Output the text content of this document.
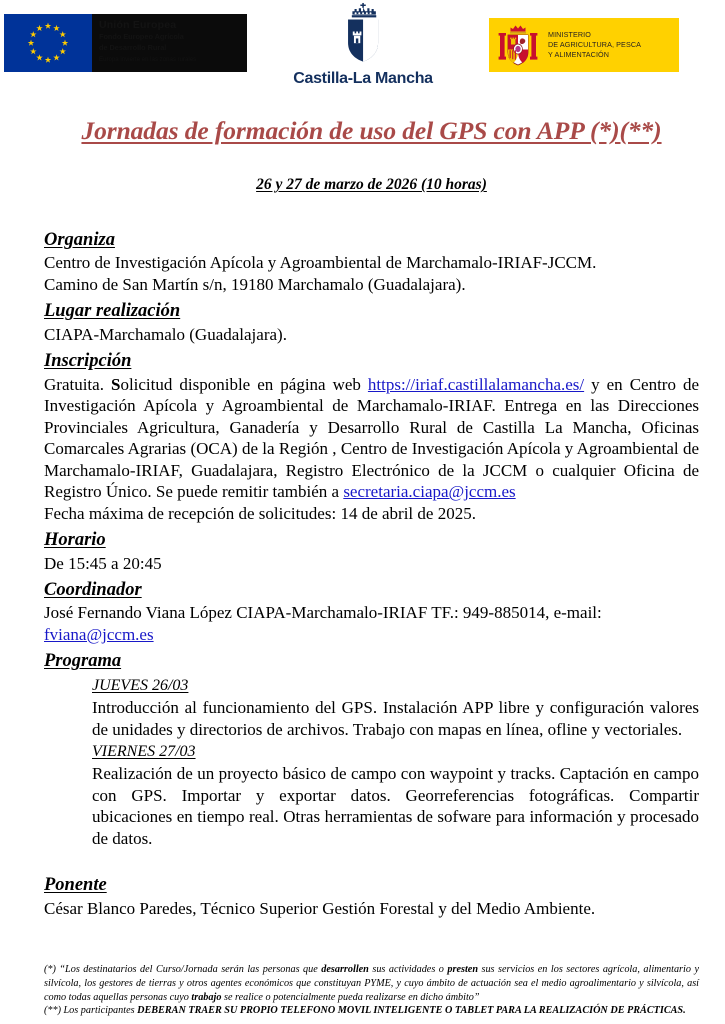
Unión Europea
Fondo Europeo Agrícola
de Desarrollo Rural
Europa invierte en las zonas rurales
Castilla-La Mancha
MINISTERIO
DE AGRICULTURA, PESCA
Y ALIMENTACIÓN
Jornadas de formación de uso del GPS con APP (*)(**)
26 y 27 de marzo de 2026 (10 horas)
Organiza

Centro de Investigación Apícola y Agroambiental de Marchamalo-IRIAF-JCCM.

Camino de San Martín s/n, 19180 Marchamalo (Guadalajara).

Lugar realización

CIAPA-Marchamalo (Guadalajara).

Inscripción

Gratuita. Solicitud disponible en página web https://iriaf.castillalamancha.es/ y en Centro de Investigación Apícola y Agroambiental de Marchamalo-IRIAF. Entrega en las Direcciones Provinciales Agricultura, Ganadería y Desarrollo Rural de Castilla La Mancha, Oficinas Comarcales Agrarias (OCA) de la Región , Centro de Investigación Apícola y Agroambiental de Marchamalo-IRIAF, Guadalajara, Registro Electrónico de la JCCM o cualquier Oficina de Registro Único. Se puede remitir también a secretaria.ciapa@jccm.es

Fecha máxima de recepción de solicitudes: 14 de abril de 2025.

Horario

De 15:45 a 20:45

Coordinador

José Fernando Viana López CIAPA-Marchamalo-IRIAF TF.: 949-885014, e-mail:

fviana@jccm.es

Programa

JUEVES 26/03

Introducción al funcionamiento del GPS. Instalación APP libre y configuración valores de unidades y directorios de archivos. Trabajo con mapas en línea, ofline y vectoriales.

VIERNES 27/03

Realización de un proyecto básico de campo con waypoint y tracks. Captación en campo con GPS. Importar y exportar datos. Georreferencias fotográficas. Compartir ubicaciones en tiempo real. Otras herramientas de sofware para información y procesado de datos.

Ponente

César Blanco Paredes, Técnico Superior Gestión Forestal y del Medio Ambiente.

(*) “Los destinatarios del Curso/Jornada serán las personas que desarrollen sus actividades o presten sus servicios en los sectores agrícola, alimentario y silvícola, los gestores de tierras y otros agentes económicos que constituyan PYME, y cuyo ámbito de actuación sea el medio agroalimentario y silvícola, así como todas aquellas personas cuyo trabajo se realice o potencialmente pueda realizarse en dicho ámbito”
(**) Los participantes DEBERAN TRAER SU PROPIO TELEFONO MOVIL INTELIGENTE O TABLET PARA LA REALIZACIÓN DE PRÁCTICAS.
